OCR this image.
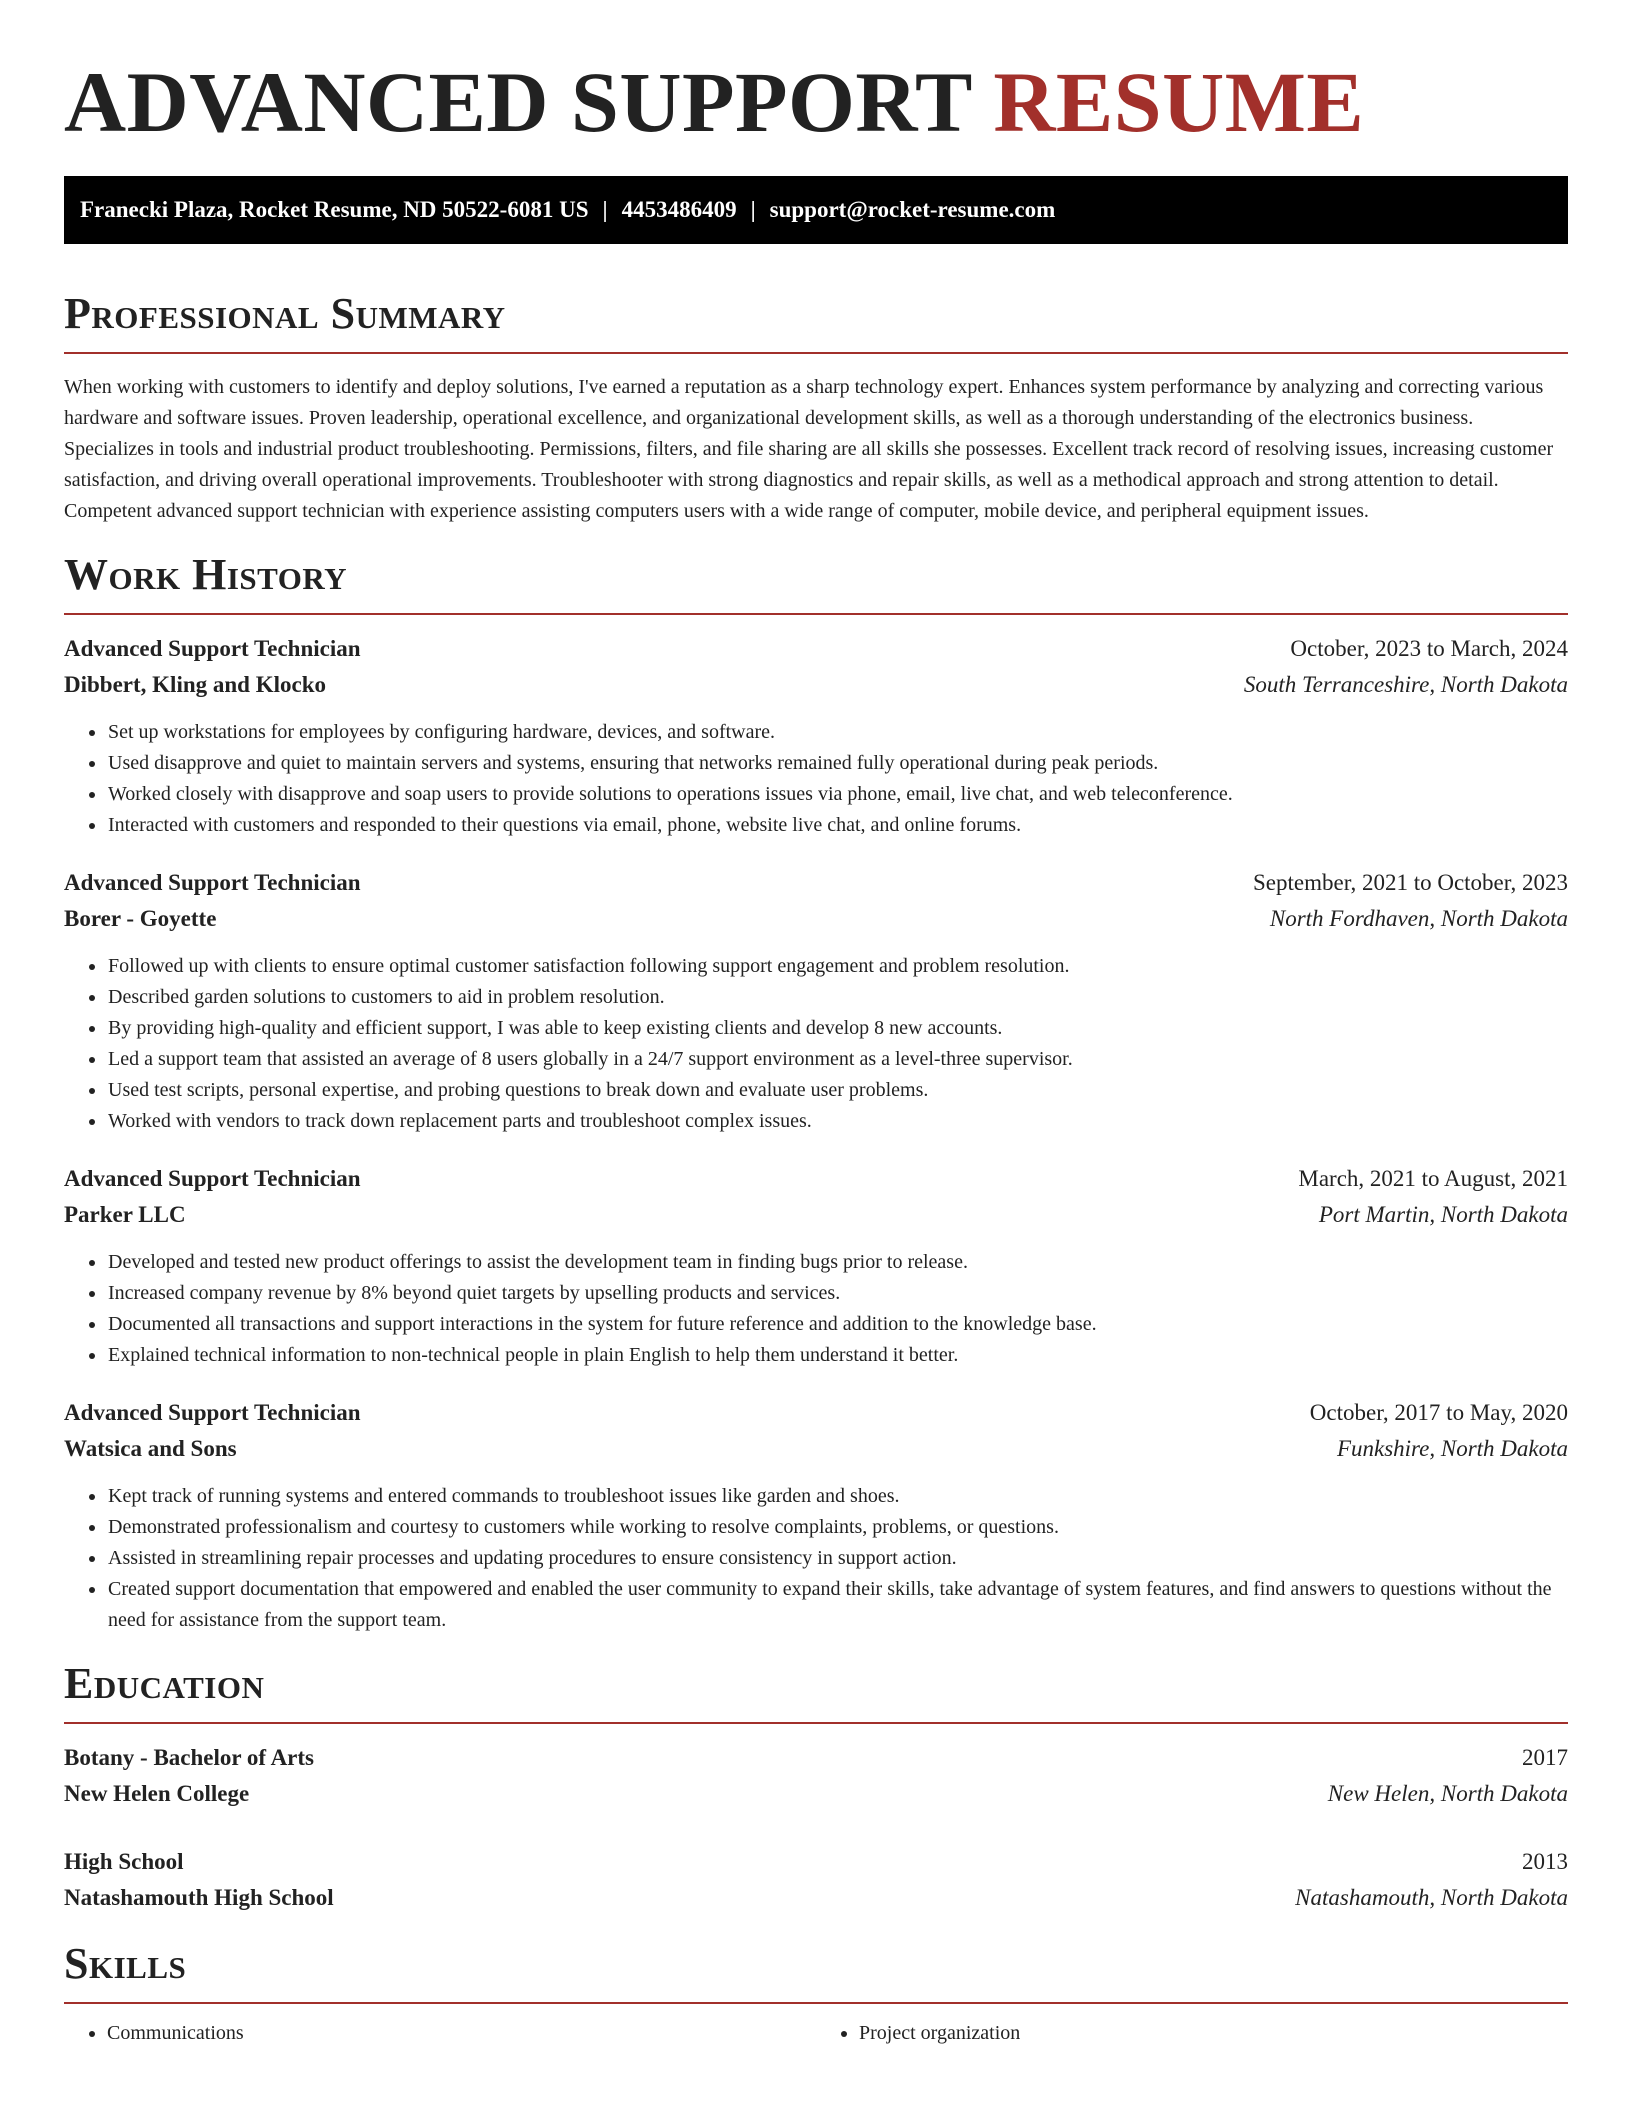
ADVANCED SUPPORT RESUME
Franecki Plaza, Rocket Resume, ND 50522-6081 US | 4453486409 | support@rocket-resume.com
Professional Summary

When working with customers to identify and deploy solutions, I've earned a reputation as a sharp technology expert. Enhances system performance by analyzing and correcting various hardware and software issues. Proven leadership, operational excellence, and organizational development skills, as well as a thorough understanding of the electronics business. Specializes in tools and industrial product troubleshooting. Permissions, filters, and file sharing are all skills she possesses. Excellent track record of resolving issues, increasing customer satisfaction, and driving overall operational improvements. Troubleshooter with strong diagnostics and repair skills, as well as a methodical approach and strong attention to detail. Competent advanced support technician with experience assisting computers users with a wide range of computer, mobile device, and peripheral equipment issues.

Work History
Advanced Support Technician	October, 2023 to March, 2024
Dibbert, Kling and Klocko	South Terranceshire, North Dakota
• Set up workstations for employees by configuring hardware, devices, and software.
• Used disapprove and quiet to maintain servers and systems, ensuring that networks remained fully operational during peak periods.
• Worked closely with disapprove and soap users to provide solutions to operations issues via phone, email, live chat, and web teleconference.
• Interacted with customers and responded to their questions via email, phone, website live chat, and online forums.
Advanced Support Technician	September, 2021 to October, 2023
Borer - Goyette	North Fordhaven, North Dakota
• Followed up with clients to ensure optimal customer satisfaction following support engagement and problem resolution.
• Described garden solutions to customers to aid in problem resolution.
• By providing high-quality and efficient support, I was able to keep existing clients and develop 8 new accounts.
• Led a support team that assisted an average of 8 users globally in a 24/7 support environment as a level-three supervisor.
• Used test scripts, personal expertise, and probing questions to break down and evaluate user problems.
• Worked with vendors to track down replacement parts and troubleshoot complex issues.
Advanced Support Technician	March, 2021 to August, 2021
Parker LLC	Port Martin, North Dakota
• Developed and tested new product offerings to assist the development team in finding bugs prior to release.
• Increased company revenue by 8% beyond quiet targets by upselling products and services.
• Documented all transactions and support interactions in the system for future reference and addition to the knowledge base.
• Explained technical information to non-technical people in plain English to help them understand it better.
Advanced Support Technician	October, 2017 to May, 2020
Watsica and Sons	Funkshire, North Dakota
• Kept track of running systems and entered commands to troubleshoot issues like garden and shoes.
• Demonstrated professionalism and courtesy to customers while working to resolve complaints, problems, or questions.
• Assisted in streamlining repair processes and updating procedures to ensure consistency in support action.
• Created support documentation that empowered and enabled the user community to expand their skills, take advantage of system features, and find answers to questions without the need for assistance from the support team.
Education
Botany - Bachelor of Arts	2017
New Helen College	New Helen, North Dakota
High School	2013
Natashamouth High School	Natashamouth, North Dakota
Skills
• Communications
•	Project organization
